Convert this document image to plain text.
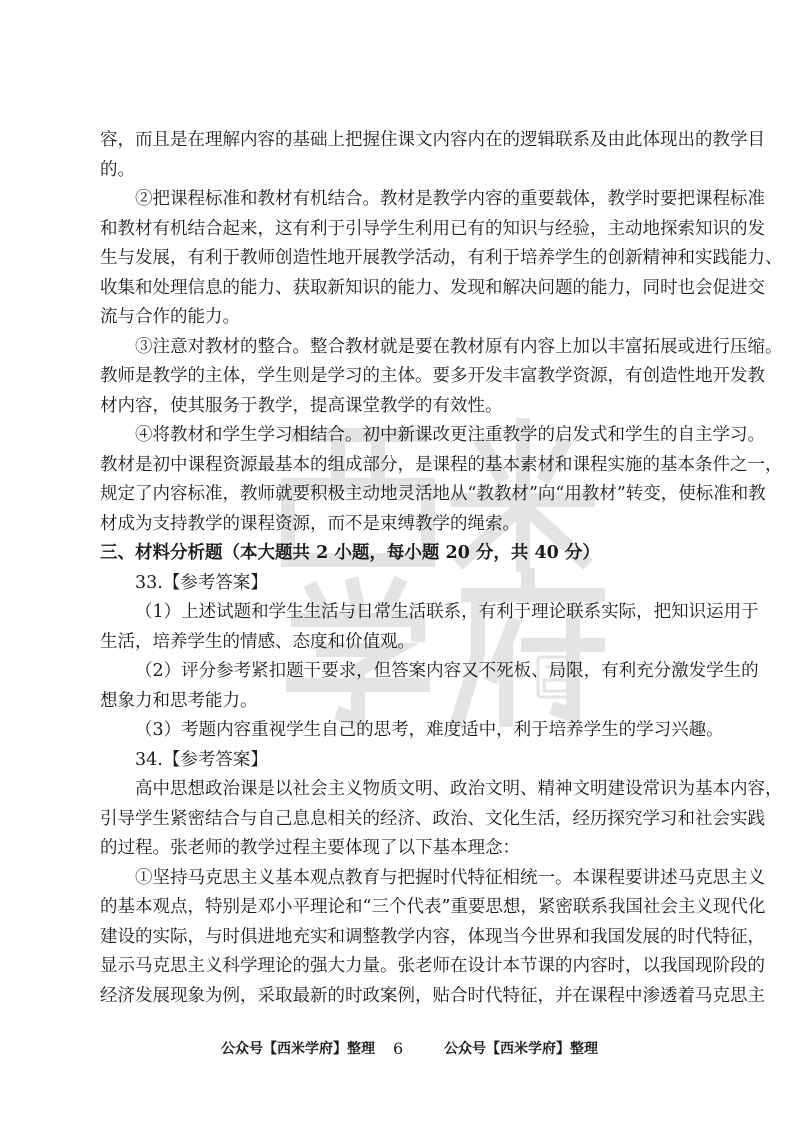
容，而且是在理解内容的基础上把握住课文内容内在的逻辑联系及由此体现出的教学目
的。
②把课程标准和教材有机结合。教材是教学内容的重要载体，教学时要把课程标准
和教材有机结合起来，这有利于引导学生利用已有的知识与经验，主动地探索知识的发
生与发展，有利于教师创造性地开展教学活动，有利于培养学生的创新精神和实践能力、
收集和处理信息的能力、获取新知识的能力、发现和解决问题的能力，同时也会促进交
流与合作的能力。
③注意对教材的整合。整合教材就是要在教材原有内容上加以丰富拓展或进行压缩。
教师是教学的主体，学生则是学习的主体。要多开发丰富教学资源，有创造性地开发教
材内容，使其服务于教学，提高课堂教学的有效性。
④将教材和学生学习相结合。初中新课改更注重教学的启发式和学生的自主学习。
教材是初中课程资源最基本的组成部分，是课程的基本素材和课程实施的基本条件之一，
规定了内容标准，教师就要积极主动地灵活地从“教教材”向“用教材”转变，使标准和教
材成为支持教学的课程资源，而不是束缚教学的绳索。
三、材料分析题（本大题共 2 小题，每小题 20 分，共 40 分）
33.【参考答案】
（1）上述试题和学生生活与日常生活联系，有利于理论联系实际，把知识运用于
生活，培养学生的情感、态度和价值观。
（2）评分参考紧扣题干要求，但答案内容又不死板、局限，有利充分激发学生的
想象力和思考能力。
（3）考题内容重视学生自己的思考，难度适中，利于培养学生的学习兴趣。
34.【参考答案】
高中思想政治课是以社会主义物质文明、政治文明、精神文明建设常识为基本内容，
引导学生紧密结合与自己息息相关的经济、政治、文化生活，经历探究学习和社会实践
的过程。张老师的教学过程主要体现了以下基本理念：
①坚持马克思主义基本观点教育与把握时代特征相统一。本课程要讲述马克思主义
的基本观点，特别是邓小平理论和“三个代表”重要思想，紧密联系我国社会主义现代化
建设的实际，与时俱进地充实和调整教学内容，体现当今世界和我国发展的时代特征，
显示马克思主义科学理论的强大力量。张老师在设计本节课的内容时，以我国现阶段的
经济发展现象为例，采取最新的时政案例，贴合时代特征，并在课程中渗透着马克思主
公众号【西米学府】整理 6	公众号【西米学府】整理
